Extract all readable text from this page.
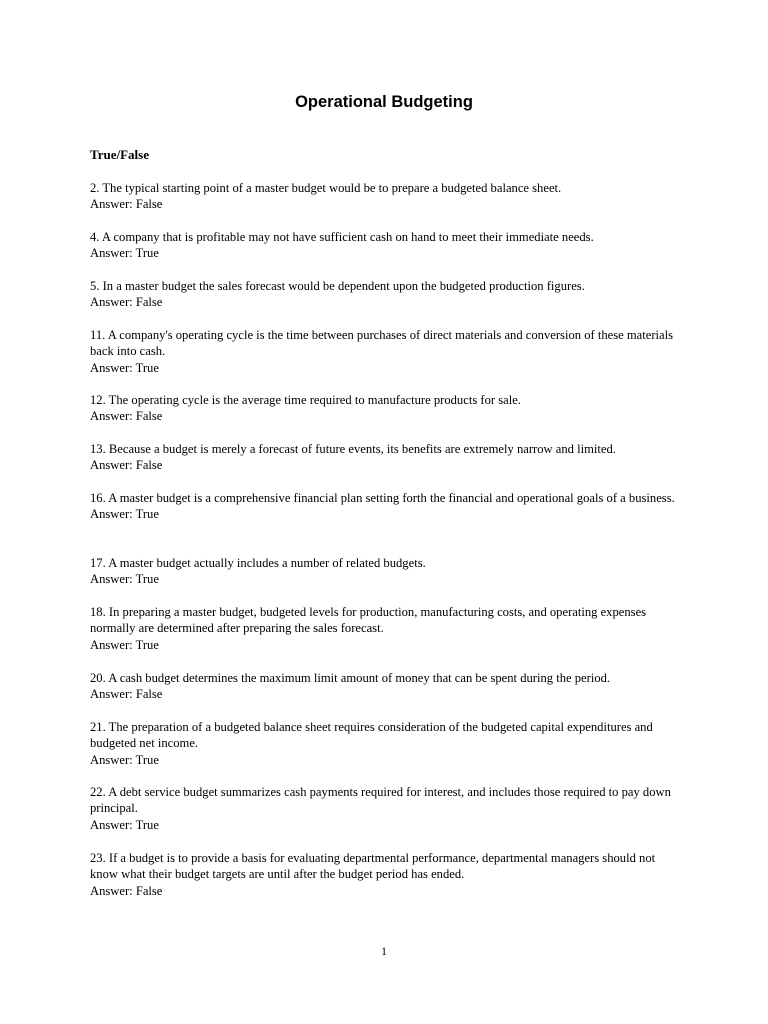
Operational Budgeting
True/False
2. The typical starting point of a master budget would be to prepare a budgeted balance sheet.
Answer: False
4. A company that is profitable may not have sufficient cash on hand to meet their immediate needs.
Answer: True
5. In a master budget the sales forecast would be dependent upon the budgeted production figures.
Answer: False
11. A company's operating cycle is the time between purchases of direct materials and conversion of these materials back into cash.
Answer: True
12. The operating cycle is the average time required to manufacture products for sale.
Answer: False
13. Because a budget is merely a forecast of future events, its benefits are extremely narrow and limited.
Answer: False
16. A master budget is a comprehensive financial plan setting forth the financial and operational goals of a business.
Answer: True
17. A master budget actually includes a number of related budgets.
Answer: True
18. In preparing a master budget, budgeted levels for production, manufacturing costs, and operating expenses normally are determined after preparing the sales forecast.
Answer: True
20. A cash budget determines the maximum limit amount of money that can be spent during the period.
Answer: False
21. The preparation of a budgeted balance sheet requires consideration of the budgeted capital expenditures and budgeted net income.
Answer: True
22. A debt service budget summarizes cash payments required for interest, and includes those required to pay down principal.
Answer: True
23. If a budget is to provide a basis for evaluating departmental performance, departmental managers should not know what their budget targets are until after the budget period has ended.
Answer: False
1
